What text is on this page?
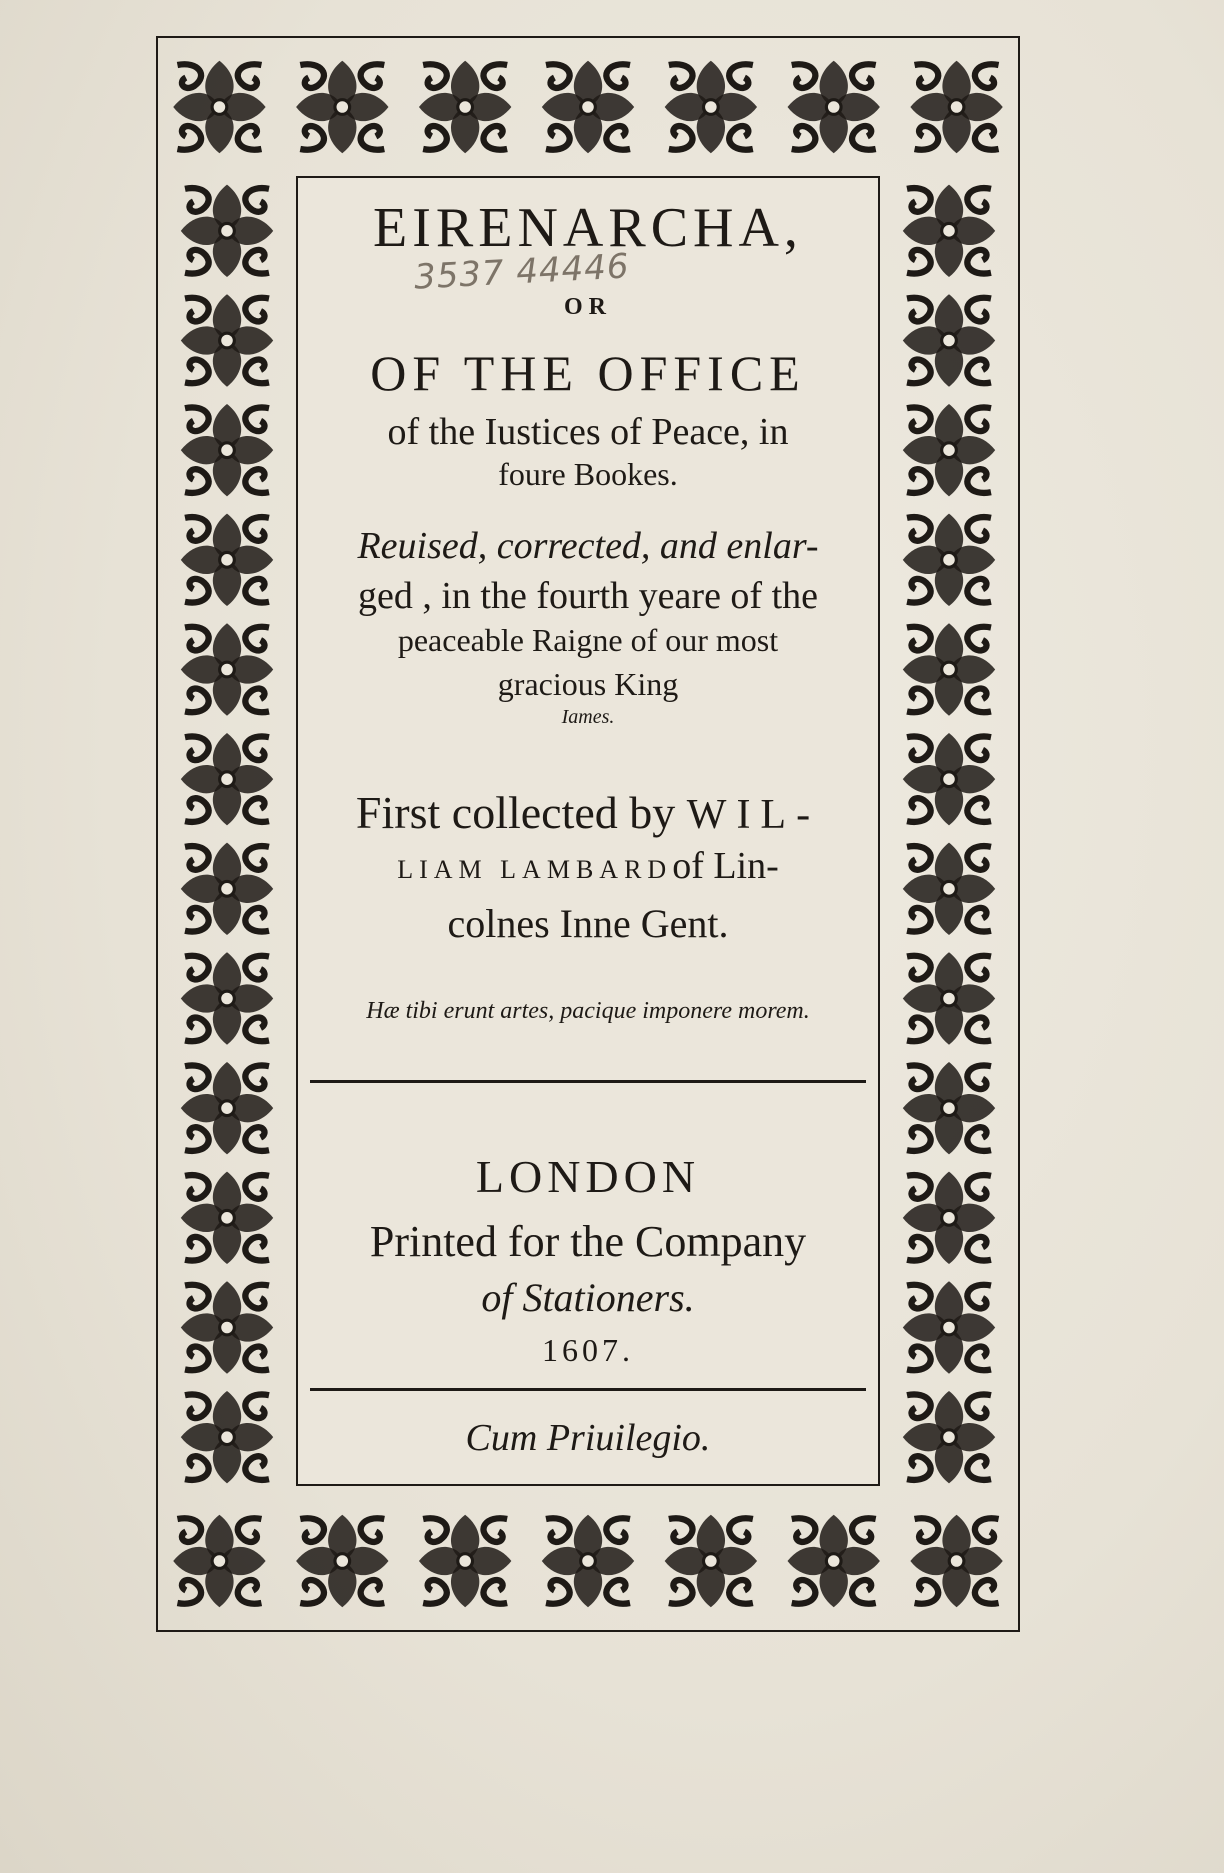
EIRENARCHA,
3537 44446
OR
OF THE OFFICE
of the Iustices of Peace, in
foure Bookes.
Reuised, corrected, and enlar-
ged , in the fourth yeare of the
peaceable Raigne of our most
gracious King
Iames.
First collected by WIL-
LIAM LAMBARDof Lin-
colnes Inne Gent.
Hæ tibi erunt artes, pacique imponere morem.
LONDON
Printed for the Company
of Stationers.
1607.
Cum Priuilegio.
